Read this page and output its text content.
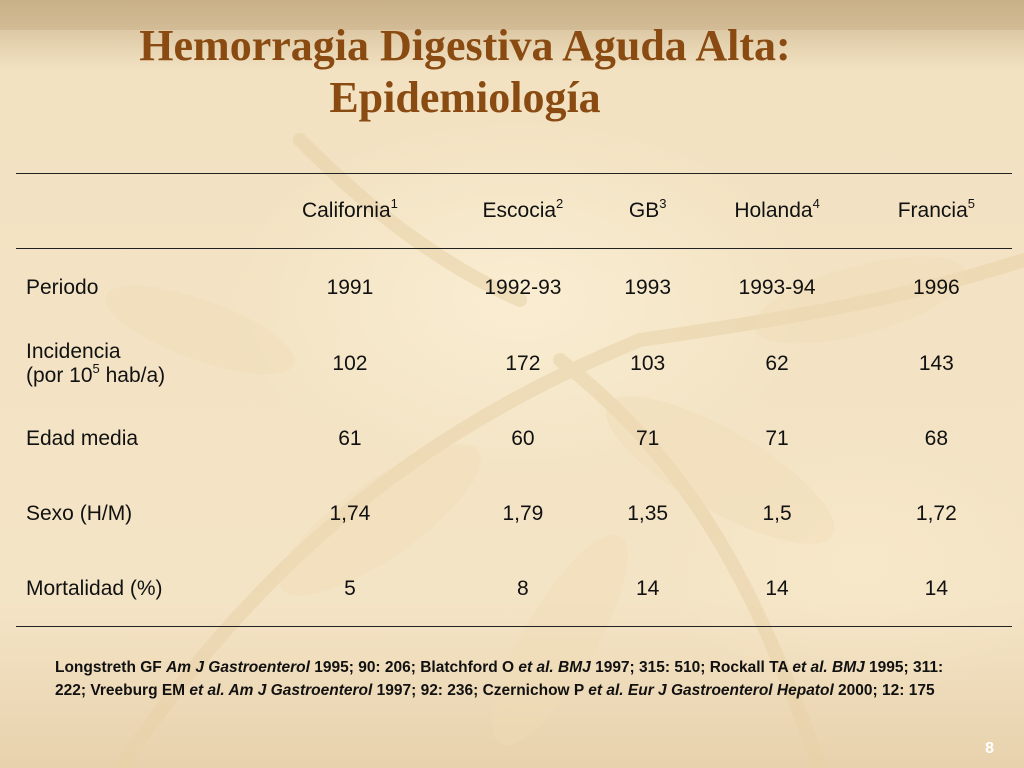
Hemorragia Digestiva Aguda Alta:
Epidemiología
	California$^1$	Escocia$^2$	$GB^3$	Holanda$^4$	Francia$^5$
Periodo	1991	1992-93	1993	1993-94	1996
Incidencia
(por $10^5$ hab/a)	102	172	103	62	143
Edad media	61	60	71	71	68
Sexo (H/M)	1,74	1,79	1,35	1,5	1,72
Mortalidad (%)	5	8	14	14	14
Longstreth GF Am J Gastroenterol 1995; 90: 206; Blatchford O et al. BMJ 1997; 315: 510; Rockall TA et al. BMJ 1995; 311: 222; Vreeburg EM et al. Am J Gastroenterol 1997; 92: 236; Czernichow P et al. Eur J Gastroenterol Hepatol 2000; 12: 175
8
